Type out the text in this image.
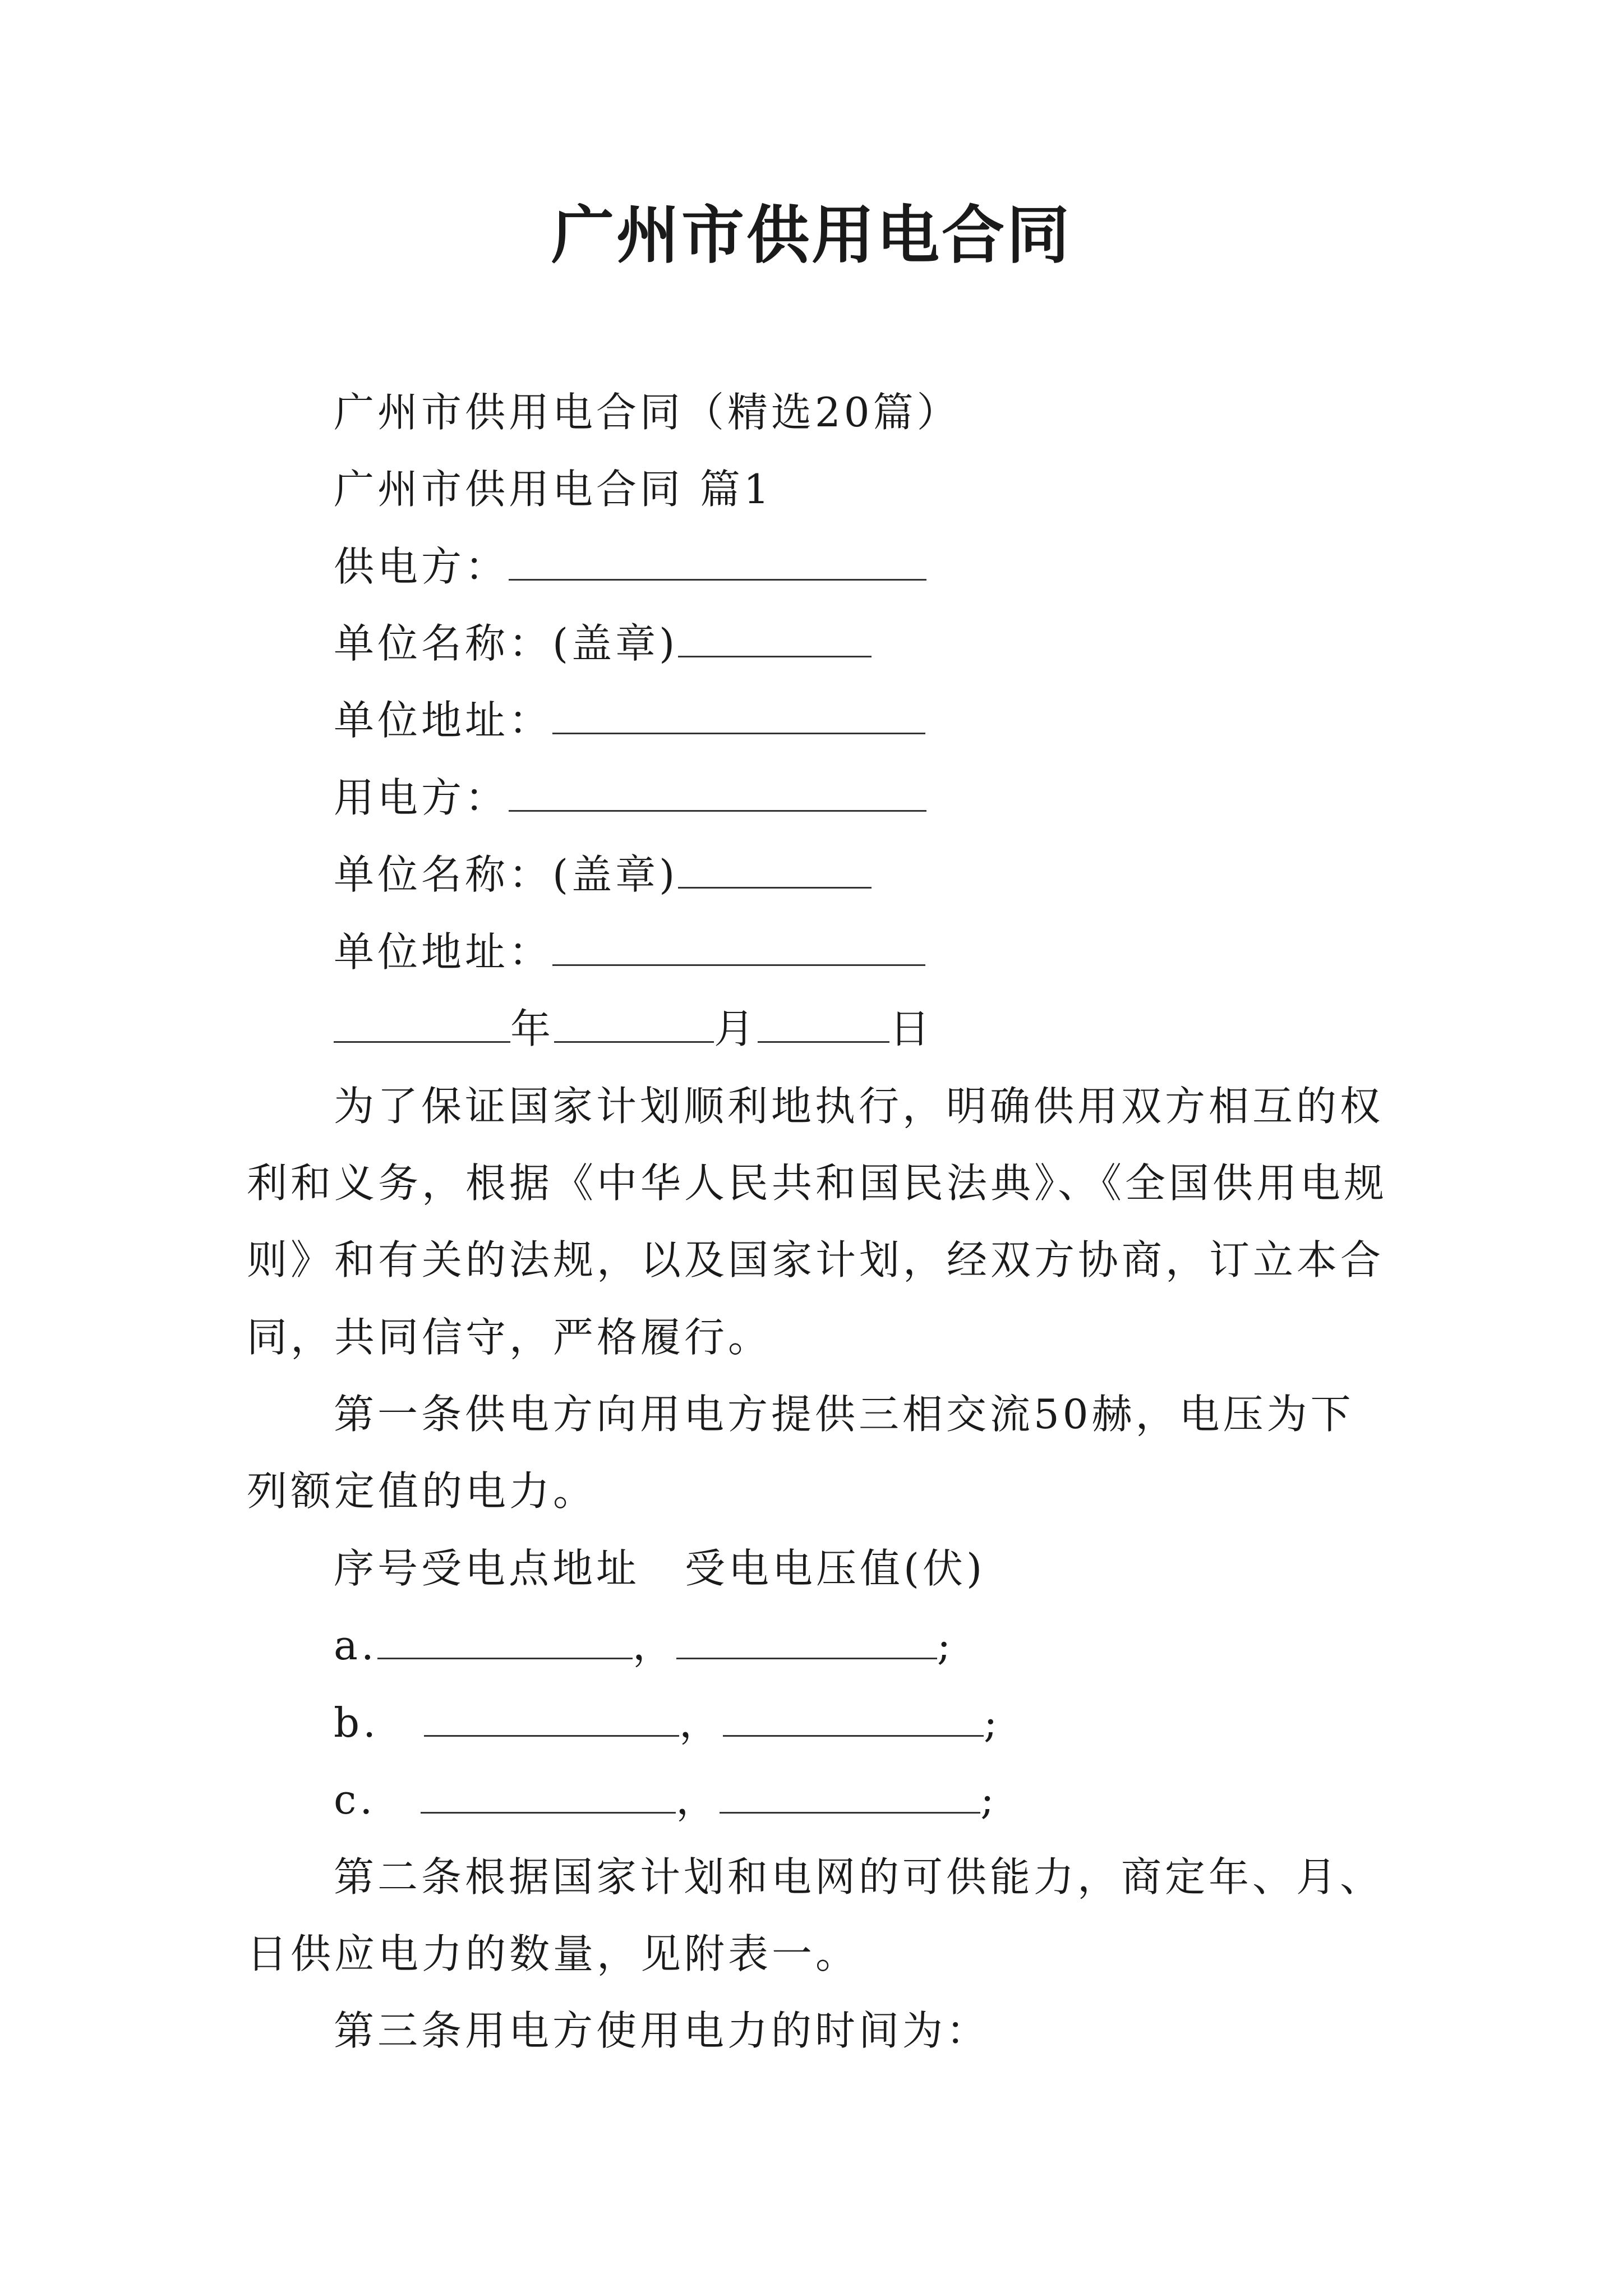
广州市供用电合同
广州市供用电合同（精选20篇）
广州市供用电合同 篇1
供电方：
单位名称：(盖章)
单位地址：
用电方：
单位名称：(盖章)
单位地址：
年	月	日
为了保证国家计划顺利地执行，明确供用双方相互的权
利和义务，根据《中华人民共和国民法典》、《全国供用电规
则》和有关的法规，以及国家计划，经双方协商，订立本合
同，共同信守，严格履行。
第一条供电方向用电方提供三相交流50赫，电压为下
列额定值的电力。
序号受电点地址 受电电压值(伏)
a.	，	;
b.	，	;
c.	，	;
第二条根据国家计划和电网的可供能力，商定年、月、
日供应电力的数量，见附表一。
第三条用电方使用电力的时间为：
